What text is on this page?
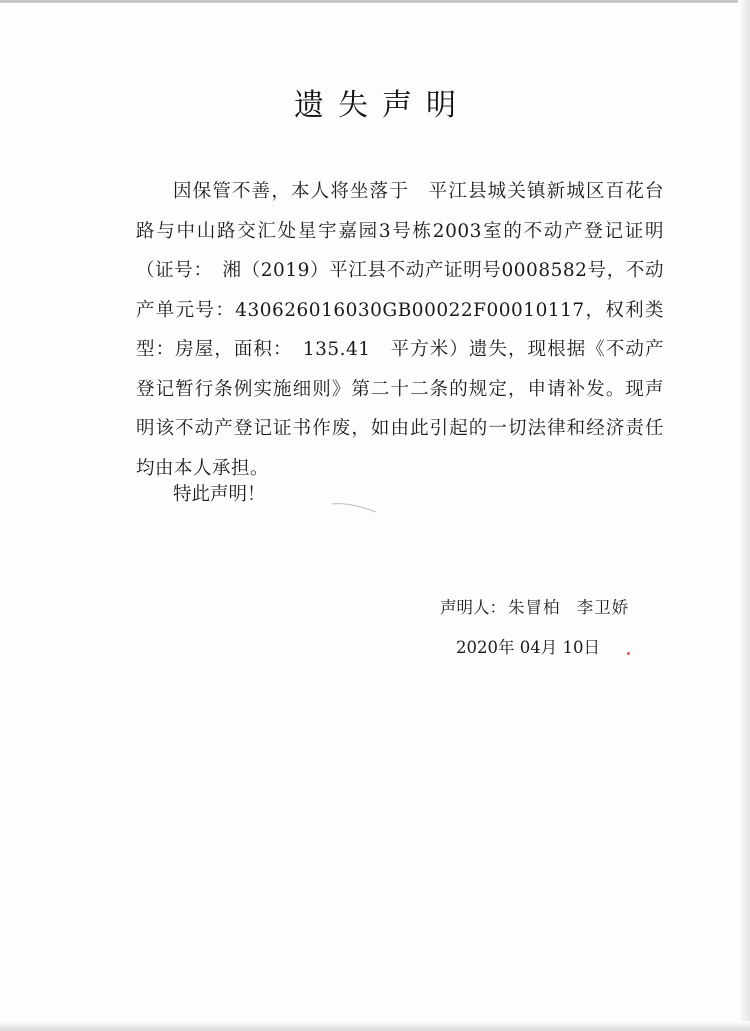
遗失声明

因保管不善，本人将坐落于　平江县城关镇新城区百花台路与中山路交汇处星宇嘉园3号栋2003室的不动产登记证明（证号：　湘（2019）平江县不动产证明号0008582号，不动产单元号：430626016030GB00022F00010117，权利类型：房屋，面积：　135.41　平方米）遗失，现根据《不动产登记暂行条例实施细则》第二十二条的规定，申请补发。现声明该不动产登记证书作废，如由此引起的一切法律和经济责任均由本人承担。

特此声明！
声明人： 朱冒柏 李卫娇
2020年 04月 10日
